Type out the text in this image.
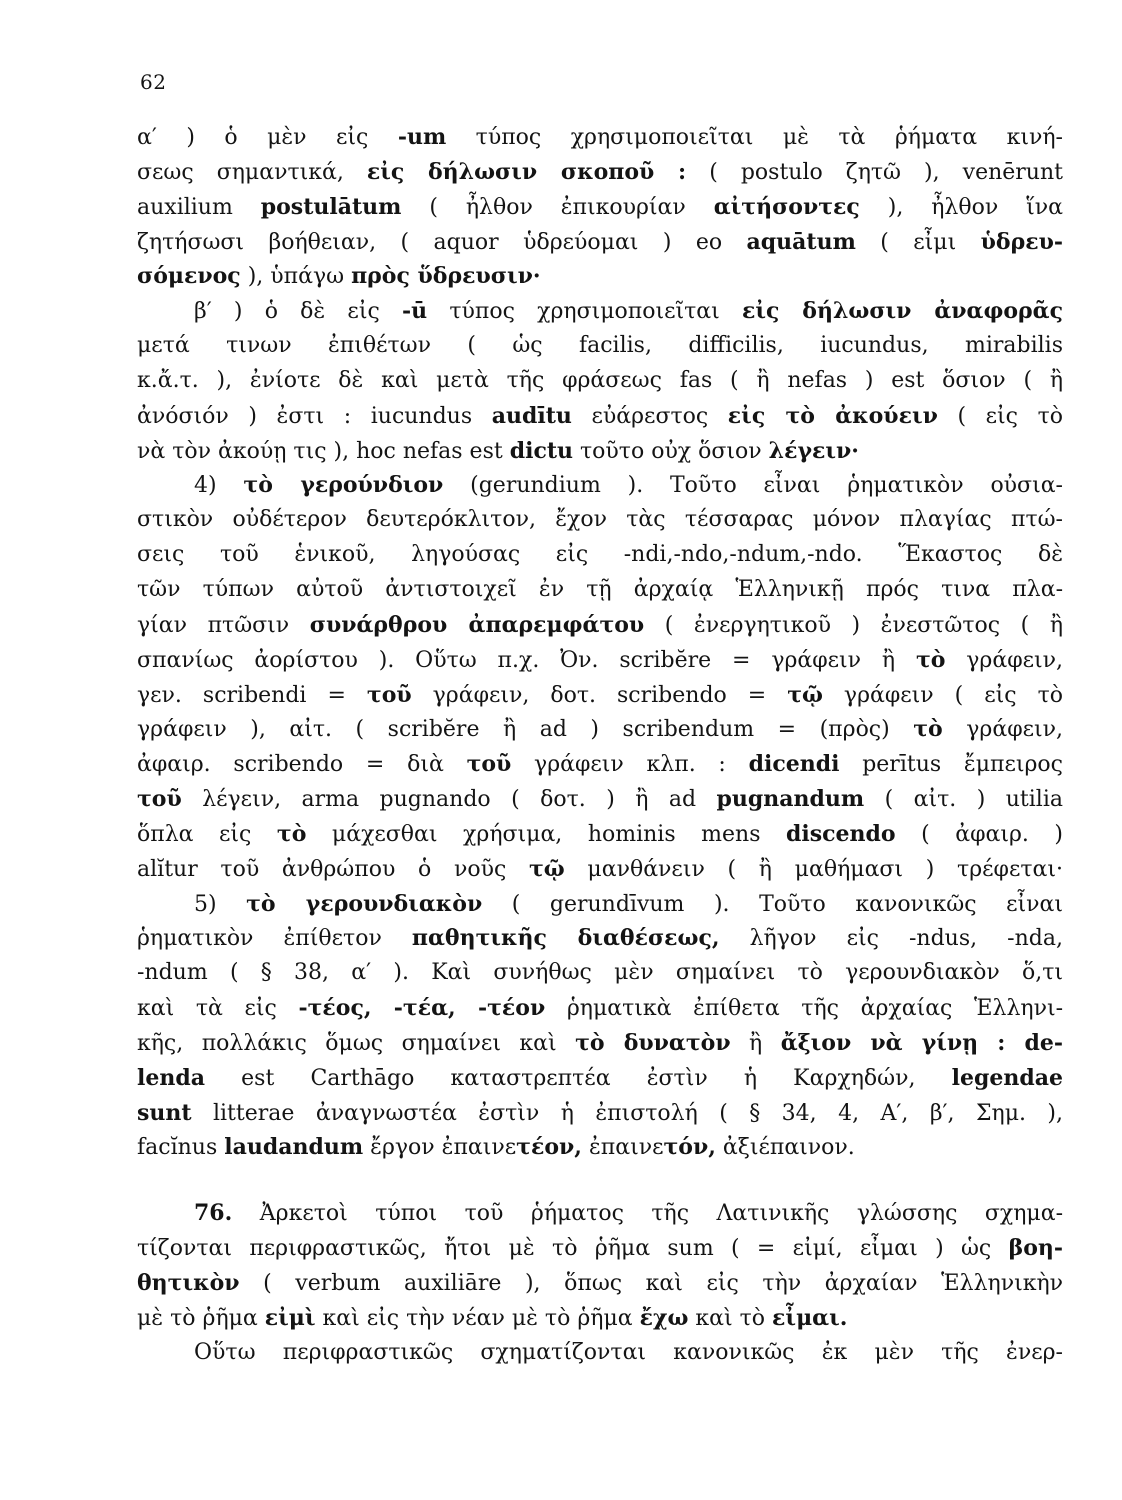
62
α′ ) ὁ μὲν εἰς -um τύπος χρησιμοποιεῖται μὲ τὰ ῥήματα κινή-
σεως σημαντικά, εἰς δήλωσιν σκοποῦ : ( postulo ζητῶ ), venērunt
auxilium postulātum ( ἦλθον ἐπικουρίαν αἰτήσοντες ), ἦλθον ἵνα
ζητήσωσι βοήθειαν, ( aquor ὑδρεύομαι ) eo aquātum ( εἶμι ὑδρευ-
σόμενος ), ὑπάγω πρὸς ὕδρευσιν·
β′ ) ὁ δὲ εἰς -ū τύπος χρησιμοποιεῖται εἰς δήλωσιν ἀναφορᾶς
μετά τινων ἐπιθέτων ( ὡς facilis, difficilis, iucundus, mirabilis
κ.ἄ.τ. ), ἐνίοτε δὲ καὶ μετὰ τῆς φράσεως fas ( ἢ nefas ) est ὅσιον ( ἢ
ἀνόσιόν ) ἐστι : iucundus audītu εὐάρεστος εἰς τὸ ἀκούειν ( εἰς τὸ
νὰ τὸν ἀκούῃ τις ), hoc nefas est dictu τοῦτο οὐχ ὅσιον λέγειν·
4) τὸ γερούνδιον (gerundium ). Τοῦτο εἶναι ῥηματικὸν οὐσια-
στικὸν οὐδέτερον δευτερόκλιτον, ἔχον τὰς τέσσαρας μόνον πλαγίας πτώ-
σεις τοῦ ἑνικοῦ, ληγούσας εἰς -ndi,-ndo,-ndum,-ndo. Ἕκαστος δὲ
τῶν τύπων αὐτοῦ ἀντιστοιχεῖ ἐν τῇ ἀρχαίᾳ Ἑλληνικῇ πρός τινα πλα-
γίαν πτῶσιν συνάρθρου ἀπαρεμφάτου ( ἐνεργητικοῦ ) ἐνεστῶτος ( ἢ
σπανίως ἀορίστου ). Οὕτω π.χ. Ὀν. scribĕre = γράφειν ἢ τὸ γράφειν,
γεν. scribendi = τοῦ γράφειν, δοτ. scribendo = τῷ γράφειν ( εἰς τὸ
γράφειν ), αἰτ. ( scribĕre ἢ ad ) scribendum = (πρὸς) τὸ γράφειν,
ἀφαιρ. scribendo = διὰ τοῦ γράφειν κλπ. : dicendi perītus ἔμπειρος
τοῦ λέγειν, arma pugnando ( δοτ. ) ἢ ad pugnandum ( αἰτ. ) utilia
ὅπλα εἰς τὸ μάχεσθαι χρήσιμα, hominis mens discendo ( ἀφαιρ. )
alĭtur τοῦ ἀνθρώπου ὁ νοῦς τῷ μανθάνειν ( ἢ μαθήμασι ) τρέφεται·
5) τὸ γερουνδιακὸν ( gerundīvum ). Τοῦτο κανονικῶς εἶναι
ῥηματικὸν ἐπίθετον παθητικῆς διαθέσεως, λῆγον εἰς -ndus, -nda,
-ndum ( § 38, α′ ). Καὶ συνήθως μὲν σημαίνει τὸ γερουνδιακὸν ὅ,τι
καὶ τὰ εἰς -τέος, -τέα, -τέον ῥηματικὰ ἐπίθετα τῆς ἀρχαίας Ἑλληνι-
κῆς, πολλάκις ὅμως σημαίνει καὶ τὸ δυνατὸν ἢ ἄξιον νὰ γίνῃ : de-
lenda est Carthāgo καταστρεπτέα ἐστὶν ἡ Καρχηδών, legendae
sunt litterae ἀναγνωστέα ἐστὶν ἡ ἐπιστολή ( § 34, 4, Α′, β′, Σημ. ),
facĭnus laudandum ἔργον ἐπαινετέον, ἐπαινετόν, ἀξιέπαινον.
76. Ἀρκετοὶ τύποι τοῦ ῥήματος τῆς Λατινικῆς γλώσσης σχημα-
τίζονται περιφραστικῶς, ἤτοι μὲ τὸ ῥῆμα sum ( = εἰμί, εἶμαι ) ὡς βοη-
θητικὸν ( verbum auxiliāre ), ὅπως καὶ εἰς τὴν ἀρχαίαν Ἑλληνικὴν
μὲ τὸ ῥῆμα εἰμὶ καὶ εἰς τὴν νέαν μὲ τὸ ῥῆμα ἔχω καὶ τὸ εἶμαι.
Οὕτω περιφραστικῶς σχηματίζονται κανονικῶς ἐκ μὲν τῆς ἐνερ-
